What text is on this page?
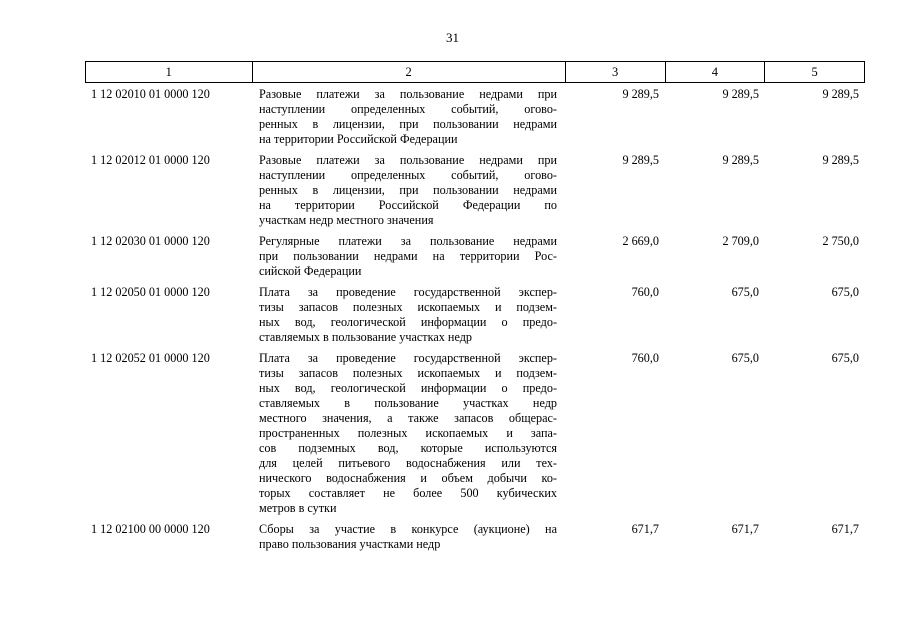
31
1	2	3	4	5
1 12 02010 01 0000 120	Разовые платежи за пользование недрами при
наступлении определенных событий, огово-
ренных в лицензии, при пользовании недрами
на территории Российской Федерации
9 289,5	9 289,5	9 289,5
1 12 02012 01 0000 120	Разовые платежи за пользование недрами при
наступлении определенных событий, огово-
ренных в лицензии, при пользовании недрами
на территории Российской Федерации по
участкам недр местного значения
9 289,5	9 289,5	9 289,5
1 12 02030 01 0000 120	Регулярные платежи за пользование недрами
при пользовании недрами на территории Рос-
сийской Федерации
2 669,0	2 709,0	2 750,0
1 12 02050 01 0000 120	Плата за проведение государственной экспер-
тизы запасов полезных ископаемых и подзем-
ных вод, геологической информации о предо-
ставляемых в пользование участках недр
760,0	675,0	675,0
1 12 02052 01 0000 120	Плата за проведение государственной экспер-
тизы запасов полезных ископаемых и подзем-
ных вод, геологической информации о предо-
ставляемых в пользование участках недр
местного значения, а также запасов общерас-
пространенных полезных ископаемых и запа-
сов подземных вод, которые используются
для целей питьевого водоснабжения или тех-
нического водоснабжения и объем добычи ко-
торых составляет не более 500 кубических
метров в сутки
760,0	675,0	675,0
1 12 02100 00 0000 120	Сборы за участие в конкурсе (аукционе) на
право пользования участками недр
671,7	671,7	671,7
